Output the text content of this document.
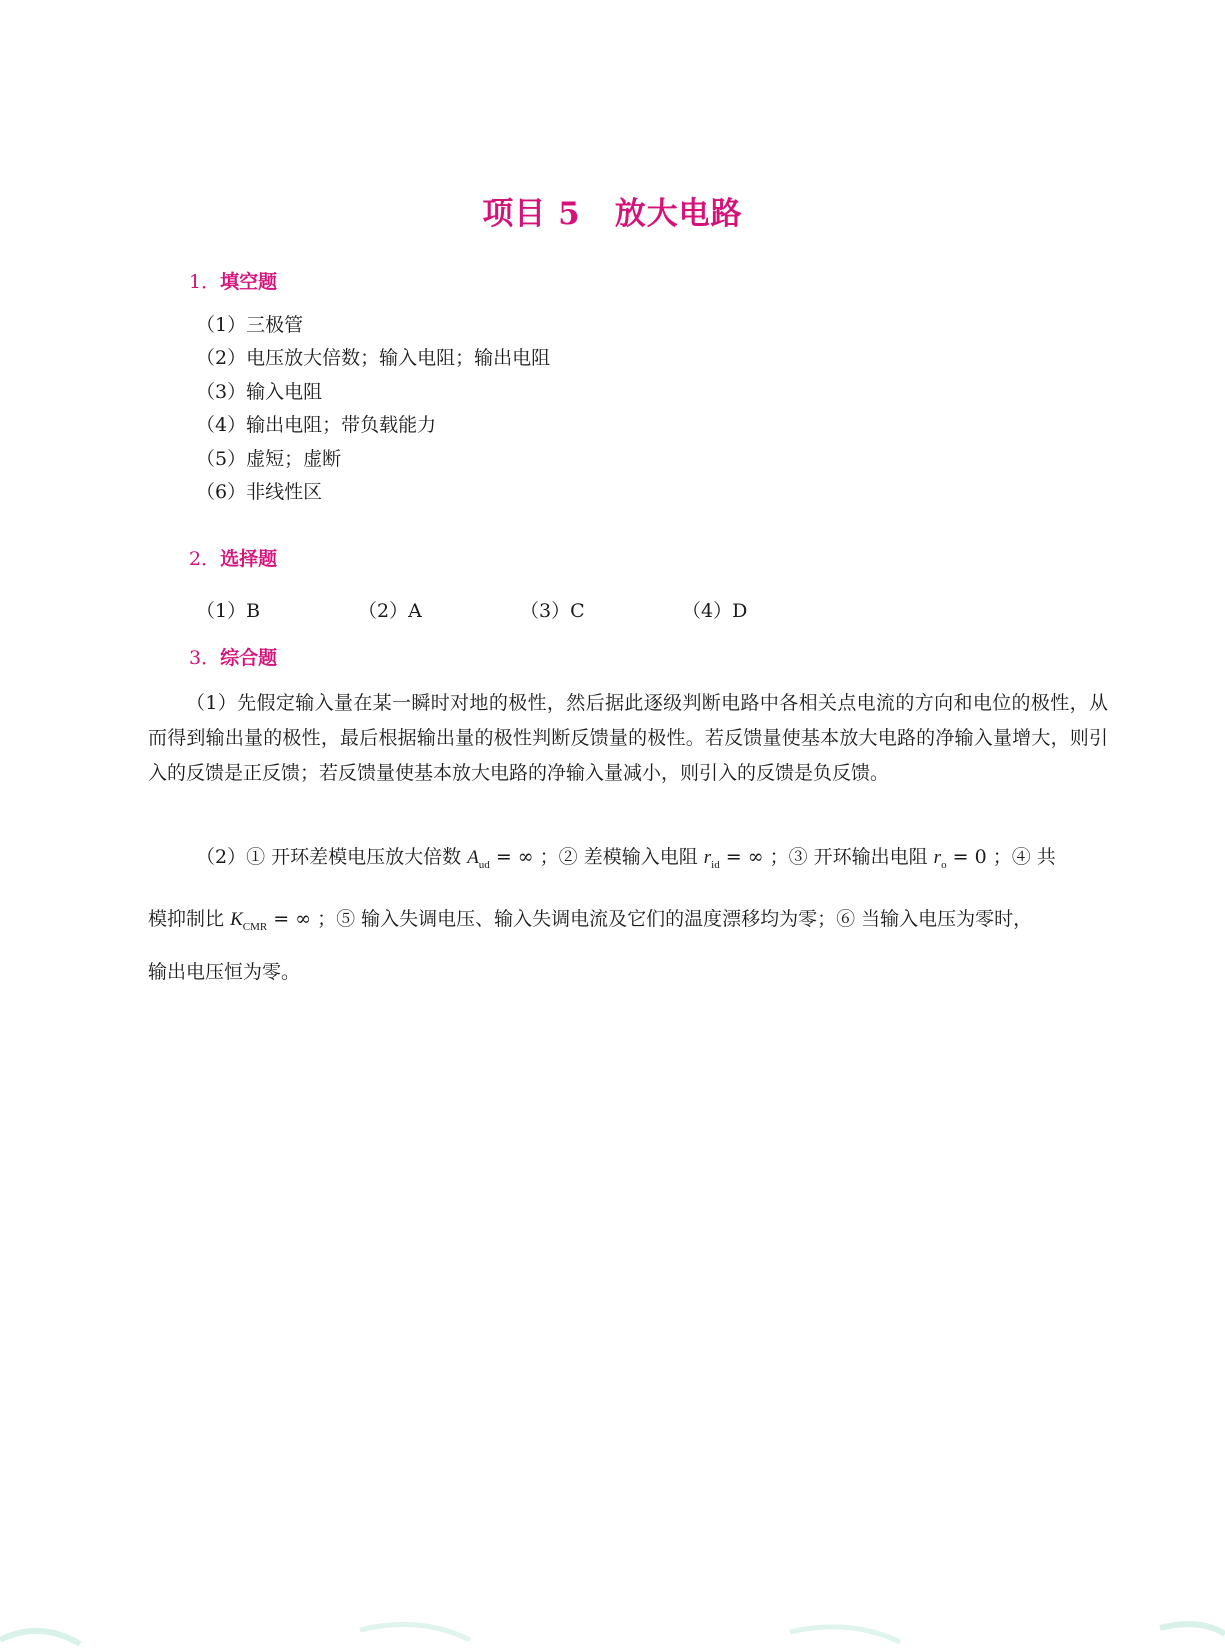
项目 5 放大电路
1．填空题
（1）三极管
（2）电压放大倍数；输入电阻；输出电阻
（3）输入电阻
（4）输出电阻；带负载能力
（5）虚短；虚断
（6）非线性区
2．选择题
（1）B	（2）A	（3）C	（4）D
3．综合题

（1）先假定输入量在某一瞬时对地的极性，然后据此逐级判断电路中各相关点电流的方向和电位的极性，从而得到输出量的极性，最后根据输出量的极性判断反馈量的极性。若反馈量使基本放大电路的净输入量增大，则引入的反馈是正反馈；若反馈量使基本放大电路的净输入量减小，则引入的反馈是负反馈。

（2）① 开环差模电压放大倍数 $A_{ud}$ = ∞ ；② 差模输入电阻 $r_{id}$ = ∞ ；③ 开环输出电阻 $r_o = 0$ ；④ 共
模抑制比 $K_{CMR}$ = ∞ ；⑤ 输入失调电压、输入失调电流及它们的温度漂移均为零；⑥ 当输入电压为零时，
输出电压恒为零。
